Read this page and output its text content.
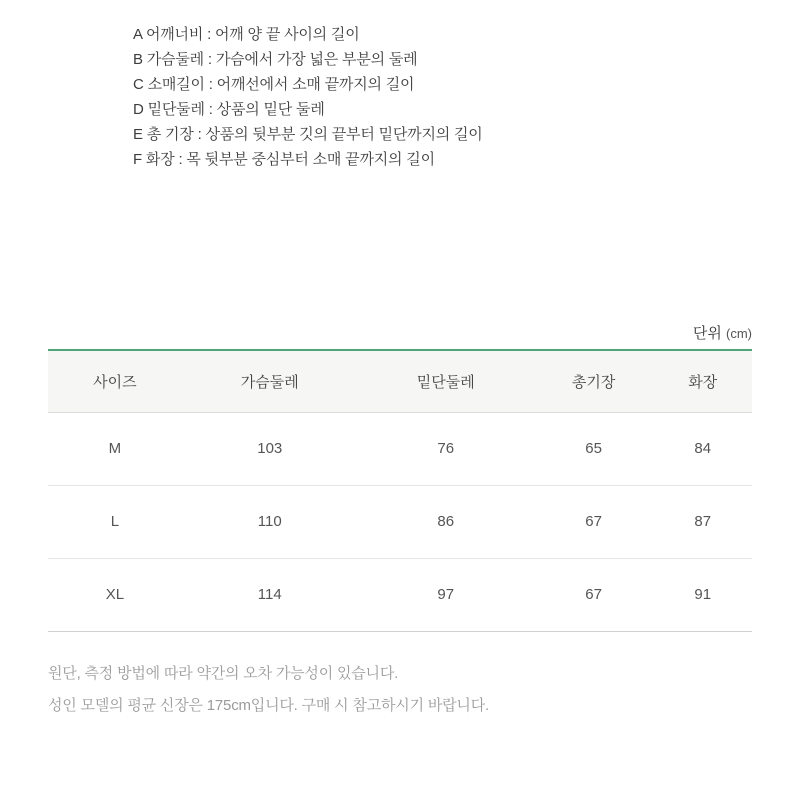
A 어깨너비 : 어깨 양 끝 사이의 길이
B 가슴둘레 : 가슴에서 가장 넓은 부분의 둘레
C 소매길이 : 어깨선에서 소매 끝까지의 길이
D 밑단둘레 : 상품의 밑단 둘레
E 총 기장 : 상품의 뒷부분 깃의 끝부터 밑단까지의 길이
F 화장 : 목 뒷부분 중심부터 소매 끝까지의 길이
단위 (cm)
사이즈	가슴둘레	밑단둘레	총기장	화장
M	103	76	65	84
L	110	86	67	87
XL	114	97	67	91
원단, 측정 방법에 따라 약간의 오차 가능성이 있습니다.
성인 모델의 평균 신장은 175cm입니다. 구매 시 참고하시기 바랍니다.
